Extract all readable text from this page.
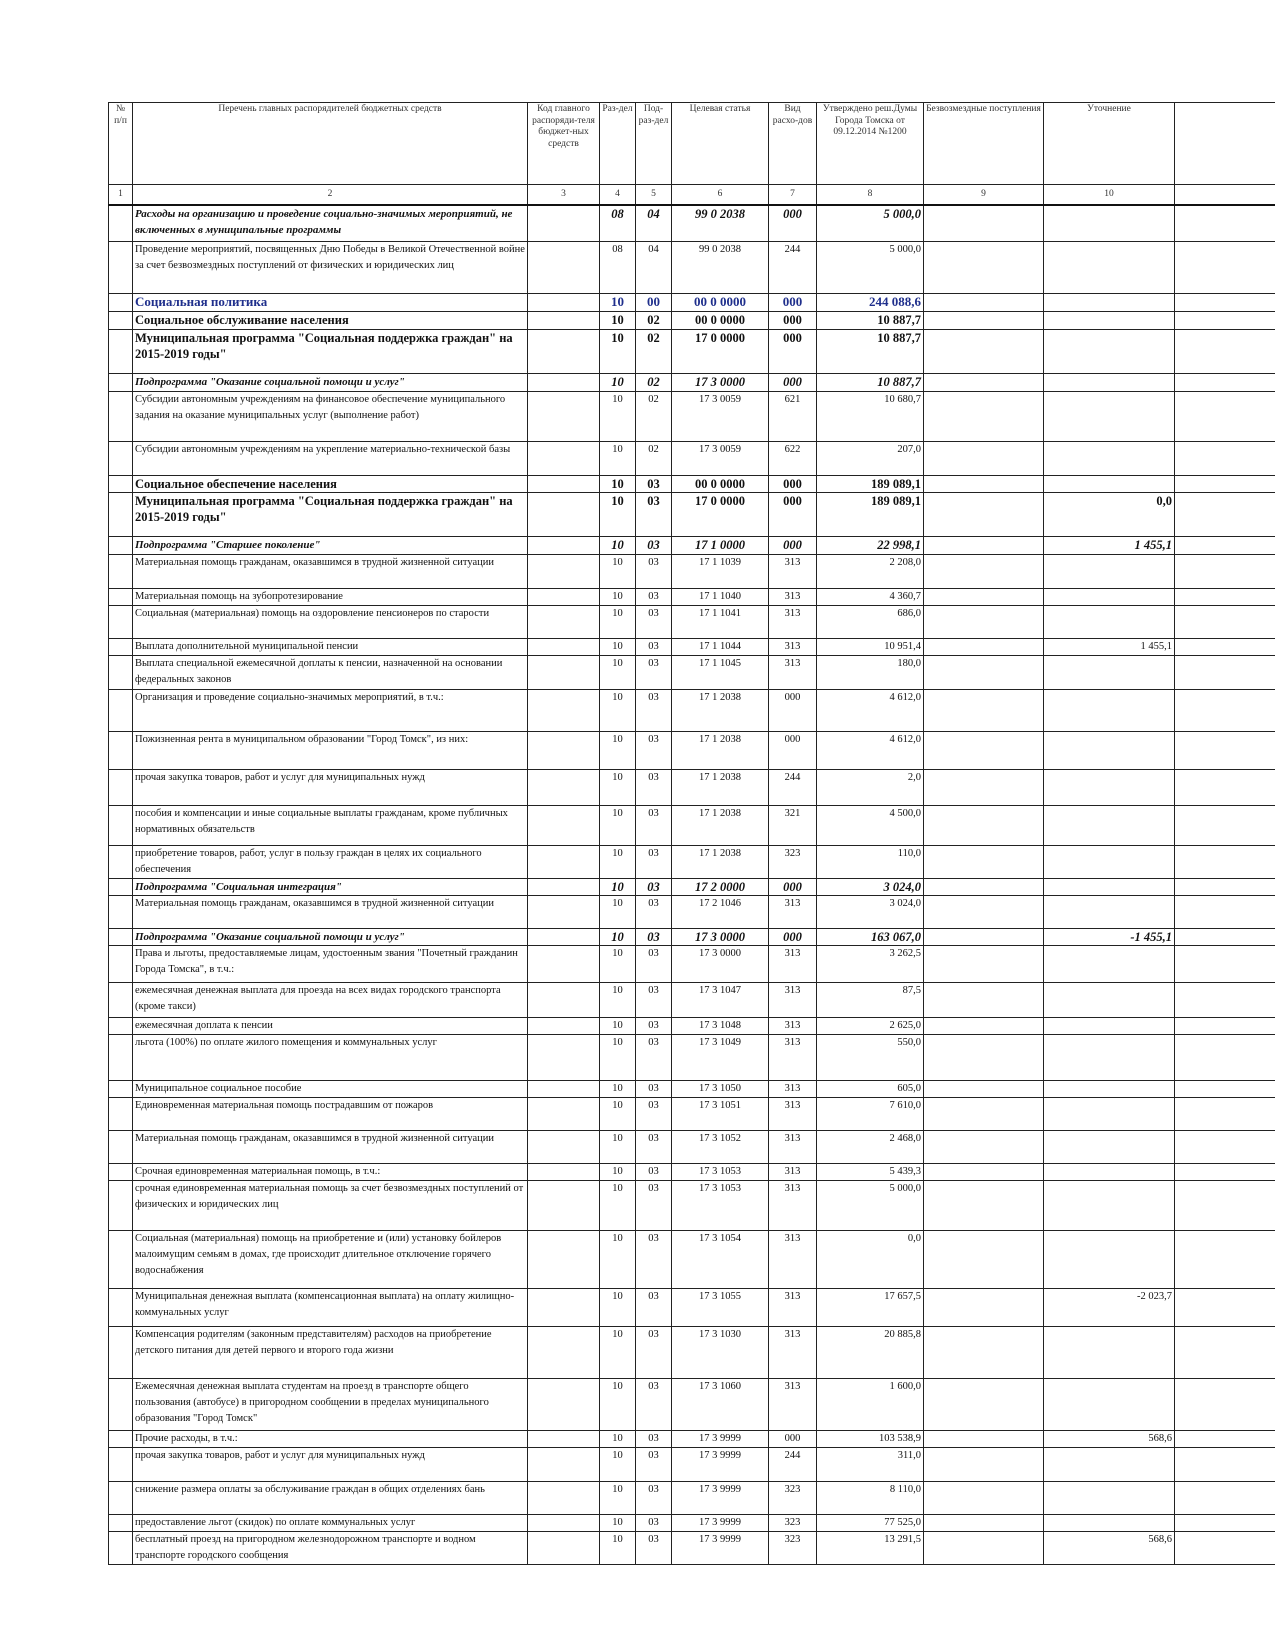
№ п/п	Перечень главных распорядителей бюджетных средств	Код главного распоряди-теля бюджет-ных средств	Раз-дел	Под-раз-дел	Целевая статья	Вид расхо-дов	Утверждено реш.Думы Города Томска от 09.12.2014 №1200	Безвозмездные поступления	Уточнение	
1	2	3	4	5	6	7	8	9	10	
	Расходы на организацию и проведение социально-значимых мероприятий, не включенных в муниципальные программы		08	04	99 0 2038	000	5 000,0			
	Проведение мероприятий, посвященных Дню Победы в Великой Отечественной войне за счет безвозмездных поступлений от физических и юридических лиц		08	04	99 0 2038	244	5 000,0			
	Социальная политика		10	00	00 0 0000	000	244 088,6			
	Социальное обслуживание населения		10	02	00 0 0000	000	10 887,7			
	Муниципальная программа "Социальная поддержка граждан" на 2015-2019 годы"		10	02	17 0 0000	000	10 887,7			
	Подпрограмма "Оказание социальной помощи и услуг"		10	02	17 3 0000	000	10 887,7			
	Субсидии автономным учреждениям на финансовое обеспечение муниципального задания на оказание муниципальных услуг (выполнение работ)		10	02	17 3 0059	621	10 680,7			
	Субсидии автономным учреждениям на укрепление материально-технической базы		10	02	17 3 0059	622	207,0			
	Социальное обеспечение населения		10	03	00 0 0000	000	189 089,1			
	Муниципальная программа "Социальная поддержка граждан" на 2015-2019 годы"		10	03	17 0 0000	000	189 089,1		0,0	
	Подпрограмма "Старшее поколение"		10	03	17 1 0000	000	22 998,1		1 455,1	
	Материальная помощь гражданам, оказавшимся в трудной жизненной ситуации		10	03	17 1 1039	313	2 208,0			
	Материальная помощь на зубопротезирование		10	03	17 1 1040	313	4 360,7			
	Социальная (материальная) помощь на оздоровление пенсионеров по старости		10	03	17 1 1041	313	686,0			
	Выплата дополнительной муниципальной пенсии		10	03	17 1 1044	313	10 951,4		1 455,1	
	Выплата специальной ежемесячной доплаты к пенсии, назначенной на основании федеральных законов		10	03	17 1 1045	313	180,0			
	Организация и проведение социально-значимых мероприятий, в т.ч.:		10	03	17 1 2038	000	4 612,0			
	Пожизненная рента в муниципальном образовании "Город Томск", из них:		10	03	17 1 2038	000	4 612,0			
	прочая закупка товаров, работ и услуг для муниципальных нужд		10	03	17 1 2038	244	2,0			
	пособия и компенсации и иные социальные выплаты гражданам, кроме публичных нормативных обязательств		10	03	17 1 2038	321	4 500,0			
	приобретение товаров, работ, услуг в пользу граждан в целях их социального обеспечения		10	03	17 1 2038	323	110,0			
	Подпрограмма "Социальная интеграция"		10	03	17 2 0000	000	3 024,0			
	Материальная помощь гражданам, оказавшимся в трудной жизненной ситуации		10	03	17 2 1046	313	3 024,0			
	Подпрограмма "Оказание социальной помощи и услуг"		10	03	17 3 0000	000	163 067,0		-1 455,1	
	Права и льготы, предоставляемые лицам, удостоенным звания "Почетный гражданин Города Томска", в т.ч.:		10	03	17 3 0000	313	3 262,5			
	ежемесячная денежная выплата для проезда на всех видах городского транспорта (кроме такси)		10	03	17 3 1047	313	87,5			
	ежемесячная доплата к пенсии		10	03	17 3 1048	313	2 625,0			
	льгота (100%) по оплате жилого помещения и коммунальных услуг		10	03	17 3 1049	313	550,0			
	Муниципальное социальное пособие		10	03	17 3 1050	313	605,0			
	Единовременная материальная помощь пострадавшим от пожаров		10	03	17 3 1051	313	7 610,0			
	Материальная помощь гражданам, оказавшимся в трудной жизненной ситуации		10	03	17 3 1052	313	2 468,0			
	Срочная единовременная материальная помощь, в т.ч.:		10	03	17 3 1053	313	5 439,3			
	срочная единовременная материальная помощь за счет безвозмездных поступлений от физических и юридических лиц		10	03	17 3 1053	313	5 000,0			
	Социальная (материальная) помощь на приобретение и (или) установку бойлеров малоимущим семьям в домах, где происходит длительное отключение горячего водоснабжения		10	03	17 3 1054	313	0,0			
	Муниципальная денежная выплата (компенсационная выплата) на оплату жилищно-коммунальных услуг		10	03	17 3 1055	313	17 657,5		-2 023,7	
	Компенсация родителям (законным представителям) расходов на приобретение детского питания для детей первого и второго года жизни		10	03	17 3 1030	313	20 885,8			
	Ежемесячная денежная выплата студентам на проезд в транспорте общего пользования (автобусе) в пригородном сообщении в пределах муниципального образования "Город Томск"		10	03	17 3 1060	313	1 600,0			
	Прочие расходы, в т.ч.:		10	03	17 3 9999	000	103 538,9		568,6	
	прочая закупка товаров, работ и услуг для муниципальных нужд		10	03	17 3 9999	244	311,0			
	снижение размера оплаты за обслуживание граждан в общих отделениях бань		10	03	17 3 9999	323	8 110,0			
	предоставление льгот (скидок) по оплате коммунальных услуг		10	03	17 3 9999	323	77 525,0			
	бесплатный проезд на пригородном железнодорожном транспорте и водном транспорте городского сообщения		10	03	17 3 9999	323	13 291,5		568,6	
